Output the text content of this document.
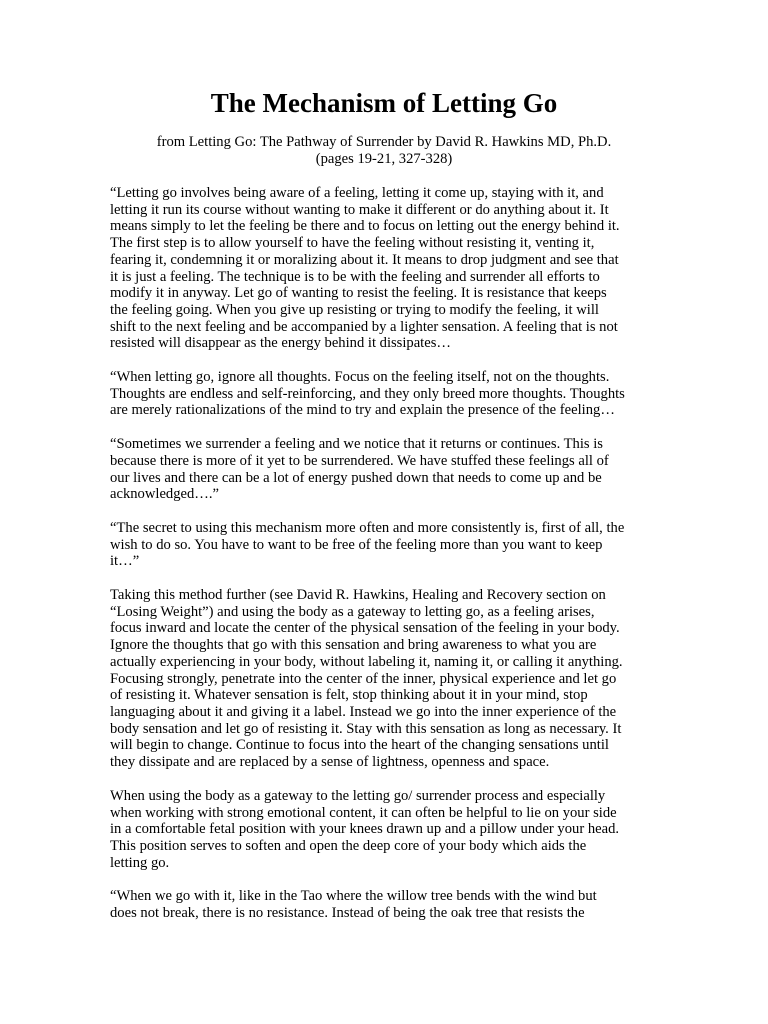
The Mechanism of Letting Go
from Letting Go: The Pathway of Surrender by David R. Hawkins MD, Ph.D.
(pages 19-21, 327-328)

“Letting go involves being aware of a feeling, letting it come up, staying with it, and
letting it run its course without wanting to make it different or do anything about it. It
means simply to let the feeling be there and to focus on letting out the energy behind it.
The first step is to allow yourself to have the feeling without resisting it, venting it,
fearing it, condemning it or moralizing about it. It means to drop judgment and see that
it is just a feeling. The technique is to be with the feeling and surrender all efforts to
modify it in anyway. Let go of wanting to resist the feeling. It is resistance that keeps
the feeling going. When you give up resisting or trying to modify the feeling, it will
shift to the next feeling and be accompanied by a lighter sensation. A feeling that is not
resisted will disappear as the energy behind it dissipates…

“When letting go, ignore all thoughts. Focus on the feeling itself, not on the thoughts.
Thoughts are endless and self-reinforcing, and they only breed more thoughts. Thoughts
are merely rationalizations of the mind to try and explain the presence of the feeling…

“Sometimes we surrender a feeling and we notice that it returns or continues. This is
because there is more of it yet to be surrendered. We have stuffed these feelings all of
our lives and there can be a lot of energy pushed down that needs to come up and be
acknowledged….”

“The secret to using this mechanism more often and more consistently is, first of all, the
wish to do so. You have to want to be free of the feeling more than you want to keep
it…”

Taking this method further (see David R. Hawkins, Healing and Recovery section on
“Losing Weight”) and using the body as a gateway to letting go, as a feeling arises,
focus inward and locate the center of the physical sensation of the feeling in your body.
Ignore the thoughts that go with this sensation and bring awareness to what you are
actually experiencing in your body, without labeling it, naming it, or calling it anything.
Focusing strongly, penetrate into the center of the inner, physical experience and let go
of resisting it. Whatever sensation is felt, stop thinking about it in your mind, stop
languaging about it and giving it a label. Instead we go into the inner experience of the
body sensation and let go of resisting it. Stay with this sensation as long as necessary. It
will begin to change. Continue to focus into the heart of the changing sensations until
they dissipate and are replaced by a sense of lightness, openness and space.

When using the body as a gateway to the letting go/ surrender process and especially
when working with strong emotional content, it can often be helpful to lie on your side
in a comfortable fetal position with your knees drawn up and a pillow under your head.
This position serves to soften and open the deep core of your body which aids the
letting go.

“When we go with it, like in the Tao where the willow tree bends with the wind but
does not break, there is no resistance. Instead of being the oak tree that resists the
